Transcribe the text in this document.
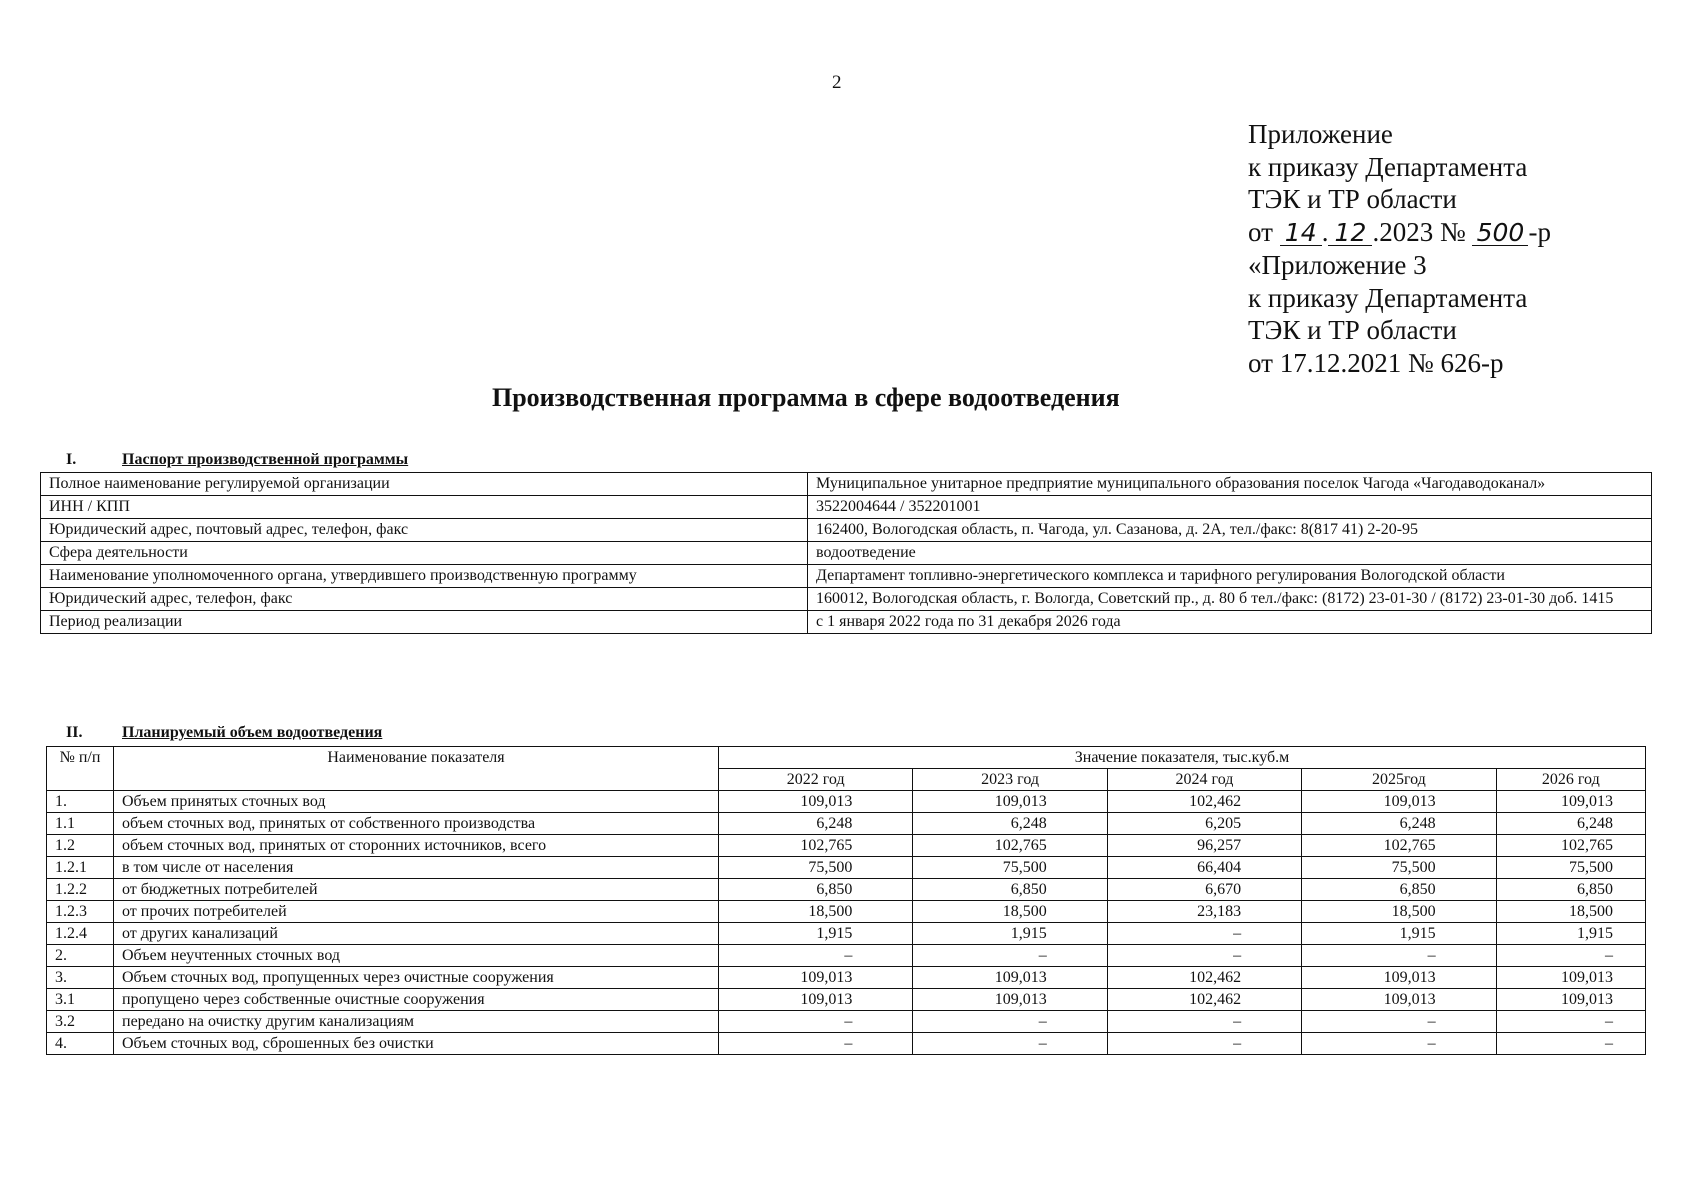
2
Приложение
к приказу Департамента
ТЭК и ТР области
от 14 . 12 .2023 № 500 -р
«Приложение 3
к приказу Департамента
ТЭК и ТР области
от 17.12.2021 № 626-р
Производственная программа в сфере водоотведения
I.	Паспорт производственной программы
Полное наименование регулируемой организации	Муниципальное унитарное предприятие муниципального образования поселок Чагода «Чагодаводоканал»
ИНН / КПП	3522004644 / 352201001
Юридический адрес, почтовый адрес, телефон, факс	162400, Вологодская область, п. Чагода, ул. Сазанова, д. 2А, тел./факс: 8(817 41) 2-20-95
Сфера деятельности	водоотведение
Наименование уполномоченного органа, утвердившего производственную программу	Департамент топливно-энергетического комплекса и тарифного регулирования Вологодской области
Юридический адрес, телефон, факс	160012, Вологодская область, г. Вологда, Советский пр., д. 80 б тел./факс: (8172) 23-01-30 / (8172) 23-01-30 доб. 1415
Период реализации	с 1 января 2022 года по 31 декабря 2026 года
II. Планируемый объем водоотведения
№ п/п	Наименование показателя	Значение показателя, тыс.куб.м				
		2022 год	2023 год	2024 год	2025год	2026 год
1.	Объем принятых сточных вод	109,013	109,013	102,462	109,013	109,013
1.1	объем сточных вод, принятых от собственного производства	6,248	6,248	6,205	6,248	6,248
1.2	объем сточных вод, принятых от сторонних источников, всего	102,765	102,765	96,257	102,765	102,765
1.2.1	в том числе от населения	75,500	75,500	66,404	75,500	75,500
1.2.2	от бюджетных потребителей	6,850	6,850	6,670	6,850	6,850
1.2.3	от прочих потребителей	18,500	18,500	23,183	18,500	18,500
1.2.4	от других канализаций	1,915	1,915	–	1,915	1,915
2.	Объем неучтенных сточных вод	–	–	–	–	–
3.	Объем сточных вод, пропущенных через очистные сооружения	109,013	109,013	102,462	109,013	109,013
3.1	пропущено через собственные очистные сооружения	109,013	109,013	102,462	109,013	109,013
3.2	передано на очистку другим канализациям	–	–	–	–	–
4.	Объем сточных вод, сброшенных без очистки	–	–	–	–	–
